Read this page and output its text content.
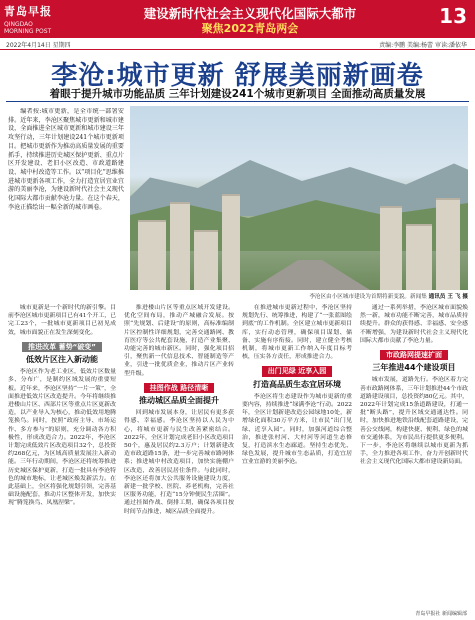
青岛早报
QINGDAO MORNING POST
建设新时代社会主义现代化国际大都市
聚焦2022青岛两会
13
2022年4月14日 星期四	责编:李鹏 美编:杨蕾 审读:潘依华
李沧:城市更新 舒展美丽新画卷
着眼于提升城市功能品质 三年计划建设241个城市更新项目 全面推动高质量发展

编者按:城市更新，是全市统一部署安排。近年来，李沧区聚焦城市更新和城市建设，全面推进全区城市更新和城市建设三年攻坚行动，三年计划建设241个城市更新项目。把城市更新作为推动高质量发展的重要抓手，持续推进历史城区保护更新、重点片区开发建设、老旧小区改造、市政道路建设、城中村改造等工作。以“项目化”思维推进城市更新各项工作，全力打造宜居宜业宜游的美丽李沧，为建设新时代社会主义现代化国际大都市贡献李沧力量。在这个春天，李沧正描绘出一幅全新的城市画卷。

李沧区由小区城市建设为首期将新变貌。新闻集 通讯员 王 飞 摄

城市更新是一个新时代的新引擎。目前李沧区城市更新项目已有41个开工，已完工23个，一批城市更新项目已初见成效，城市面貌正在发生深刻变化。

推进改革 蓄势“破变”
低效片区注入新动能

李沧区作为老工业区，低效片区数量多、分布广，是制约区域发展的重要短板。近年来，李沧区坚持“一片一策”，全面推进低效片区改造提升。今年将继续推进楼山片区、西部片区等重点片区更新改造，以产业导入为核心，推动低效用地腾笼换鸟。同时，按照“政府主导、市场运作、多方参与”的原则，充分调动各方积极性，形成改造合力。2022年，李沧区计划完成低效片区改造项目32个，总投资约268亿元，为区域高质量发展注入新动能。三年行动期间，李沧区还将统筹推进历史城区保护更新，打造一批具有李沧特色的城市地标，让老城区焕发新活力。在此基础上，全区将强化规划引领，完善基础设施配套，推动片区整体开发，加快实现“腾笼换鸟、凤凰涅槃”。

推进楼山片区等重点区域开发建设。优化空间布局，推动产城融合发展。按照“先规划、后建设”的原则，高标准编制片区控制性详细规划，完善交通路网、教育医疗等公共配套设施，打造产业集聚、功能完善的城市新区。同时，强化项目招引，聚焦新一代信息技术、智能制造等产业，引进一批优质企业，推动片区产业转型升级。

挂图作战 路径清晰
推动城区品质全面提升

回到城市发展本身，让居民有更多获得感、幸福感。李沧区坚持以人民为中心，将城市更新与民生改善紧密结合。2022年，全区计划完成老旧小区改造项目50个，惠及居民约2.3万户；计划新建改造市政道路15条，进一步完善城市路网体系；推进城中村改造项目，加快实施棚户区改造，改善居民居住条件。与此同时，李沧区还将加大公共服务设施建设力度，新建一批学校、医院、养老机构，完善社区服务功能，打造“15分钟便民生活圈”。通过挂图作战、倒排工期，确保各项目按时间节点推进，城区品质全面提升。

在推进城市更新过程中，李沧区坚持规划先行、统筹推进，构建了“一张蓝图绘到底”的工作机制。全区建立城市更新项目库，实行动态管理，确保项目谋划、储备、实施有序衔接。同时，建立健全考核机制，将城市更新工作纳入年度目标考核，压实各方责任，形成推进合力。

出门见绿 近享入园
打造高品质生态宜居环境

李沧区将生态建设作为城市更新的重要内容，持续推进“绿满李沧”行动。2022年，全区计划新建改造公园绿地10处，新增绿化面积30万平方米，让市民“出门见绿、近享入园”。同时，加强河道综合整治，推进张村河、大村河等河道生态修复，打造滨水生态廊道。坚持生态优先、绿色发展，提升城市生态品质，打造宜居宜业宜游的美丽李沧。

通过一系列举措，李沧区城市面貌焕然一新，城市功能不断完善，城市品质持续提升。群众的获得感、幸福感、安全感不断增强，为建设新时代社会主义现代化国际大都市贡献了李沧力量。

市政路网提速扩面
三年推进44个建设项目

城市发展，道路先行。李沧区着力完善市政路网体系，三年计划推进44个市政道路建设项目，总投资约80亿元。其中，2022年计划完成15条道路建设，打通一批“断头路”，提升区域交通通达性。同时，加快推进地铁沿线配套道路建设，完善公交线网，构建快捷、便利、绿色的城市交通体系，为市民出行提供更多便利。下一步，李沧区将继续以城市更新为抓手，全力推进各项工作，奋力开创新时代社会主义现代化国际大都市建设新局面。

青岛早报社 新闻编辑部
